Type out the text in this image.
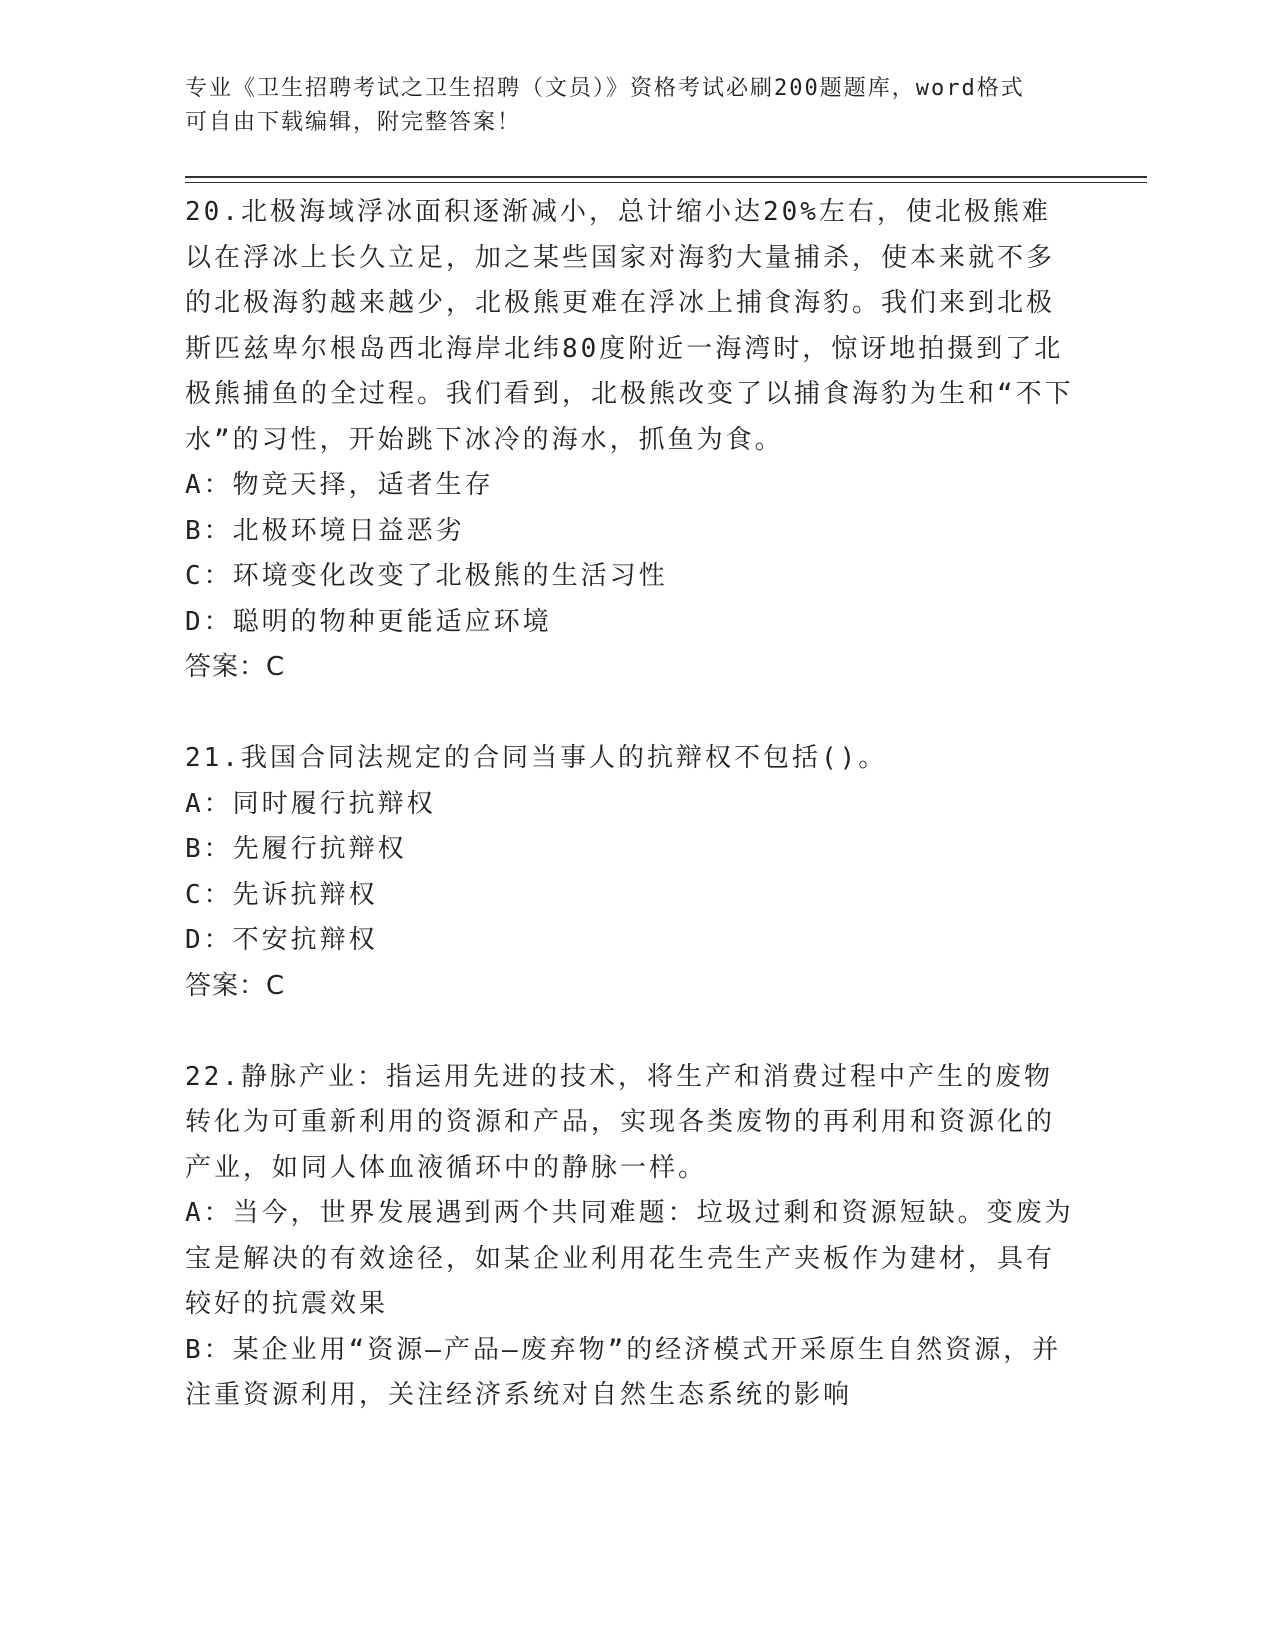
专业《卫生招聘考试之卫生招聘（文员）》资格考试必刷200题题库，word格式
可自由下载编辑，附完整答案！

20.北极海域浮冰面积逐渐减小，总计缩小达20%左右，使北极熊难以在浮冰上长久立足，加之某些国家对海豹大量捕杀，使本来就不多的北极海豹越来越少，北极熊更难在浮冰上捕食海豹。我们来到北极斯匹兹卑尔根岛西北海岸北纬80度附近一海湾时，惊讶地拍摄到了北极熊捕鱼的全过程。我们看到，北极熊改变了以捕食海豹为生和“不下水”的习性，开始跳下冰冷的海水，抓鱼为食。

A：物竞天择，适者生存

B：北极环境日益恶劣

C：环境变化改变了北极熊的生活习性

D：聪明的物种更能适应环境

答案：C

21.我国合同法规定的合同当事人的抗辩权不包括()。

A：同时履行抗辩权

B：先履行抗辩权

C：先诉抗辩权

D：不安抗辩权

答案：C

22.静脉产业：指运用先进的技术，将生产和消费过程中产生的废物转化为可重新利用的资源和产品，实现各类废物的再利用和资源化的产业，如同人体血液循环中的静脉一样。

A：当今，世界发展遇到两个共同难题：垃圾过剩和资源短缺。变废为宝是解决的有效途径，如某企业利用花生壳生产夹板作为建材，具有较好的抗震效果

B：某企业用“资源—产品—废弃物”的经济模式开采原生自然资源，并注重资源利用，关注经济系统对自然生态系统的影响
